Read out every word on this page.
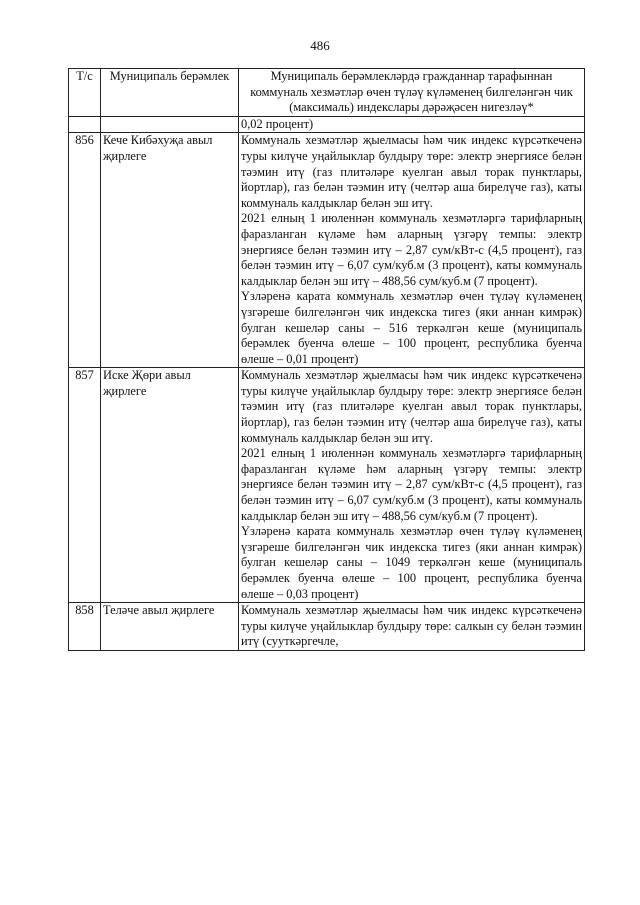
486
Т/с	Муниципаль берәмлек	Муниципаль берәмлекләрдә гражданнар тарафыннан коммуналь хезмәтләр өчен түләү күләменең билгеләнгән чик (максималь) индекслары дәрәҗәсен нигезләү*
		0,02 процент)
856	Кече Кибәхуҗа авыл җирлеге	Коммуналь хезмәтләр җыелмасы һәм чик индекс күрсәткеченә туры килүче уңайлыклар булдыру төре: электр энергиясе белән тәэмин итү (газ плитәләре куелган авыл торак пунктлары, йортлар), газ белән тәэмин итү (челтәр аша бирелүче газ), каты коммуналь калдыклар белән эш итү.

2021 елның 1 июленнән коммуналь хезмәтләргә тарифларның фаразланган күләме һәм аларның үзгәрү темпы: электр энергиясе белән тәэмин итү – 2,87 сум/кВт-с (4,5 процент), газ белән тәэмин итү – 6,07 сум/куб.м (3 процент), каты коммуналь калдыклар белән эш итү – 488,56 сум/куб.м (7 процент).

Үзләренә карата коммуналь хезмәтләр өчен түләү күләменең үзгәреше билгеләнгән чик индекска тигез (яки аннан кимрәк) булган кешеләр саны – 516 теркәлгән кеше (муниципаль берәмлек буенча өлеше – 100 процент, республика буенча өлеше – 0,01 процент)

857	Иске Җөри авыл җирлеге	Коммуналь хезмәтләр җыелмасы һәм чик индекс күрсәткеченә туры килүче уңайлыклар булдыру төре: электр энергиясе белән тәэмин итү (газ плитәләре куелган авыл торак пунктлары, йортлар), газ белән тәэмин итү (челтәр аша бирелүче газ), каты коммуналь калдыклар белән эш итү.

2021 елның 1 июленнән коммуналь хезмәтләргә тарифларның фаразланган күләме һәм аларның үзгәрү темпы: электр энергиясе белән тәэмин итү – 2,87 сум/кВт-с (4,5 процент), газ белән тәэмин итү – 6,07 сум/куб.м (3 процент), каты коммуналь калдыклар белән эш итү – 488,56 сум/куб.м (7 процент).

Үзләренә карата коммуналь хезмәтләр өчен түләү күләменең үзгәреше билгеләнгән чик индекска тигез (яки аннан кимрәк) булган кешеләр саны – 1049 теркәлгән кеше (муниципаль берәмлек буенча өлеше – 100 процент, республика буенча өлеше – 0,03 процент)

858	Теләче авыл җирлеге	Коммуналь хезмәтләр җыелмасы һәм чик индекс күрсәткеченә туры килүче уңайлыклар булдыру төре: салкын су белән тәэмин итү (сууткәргечле,
